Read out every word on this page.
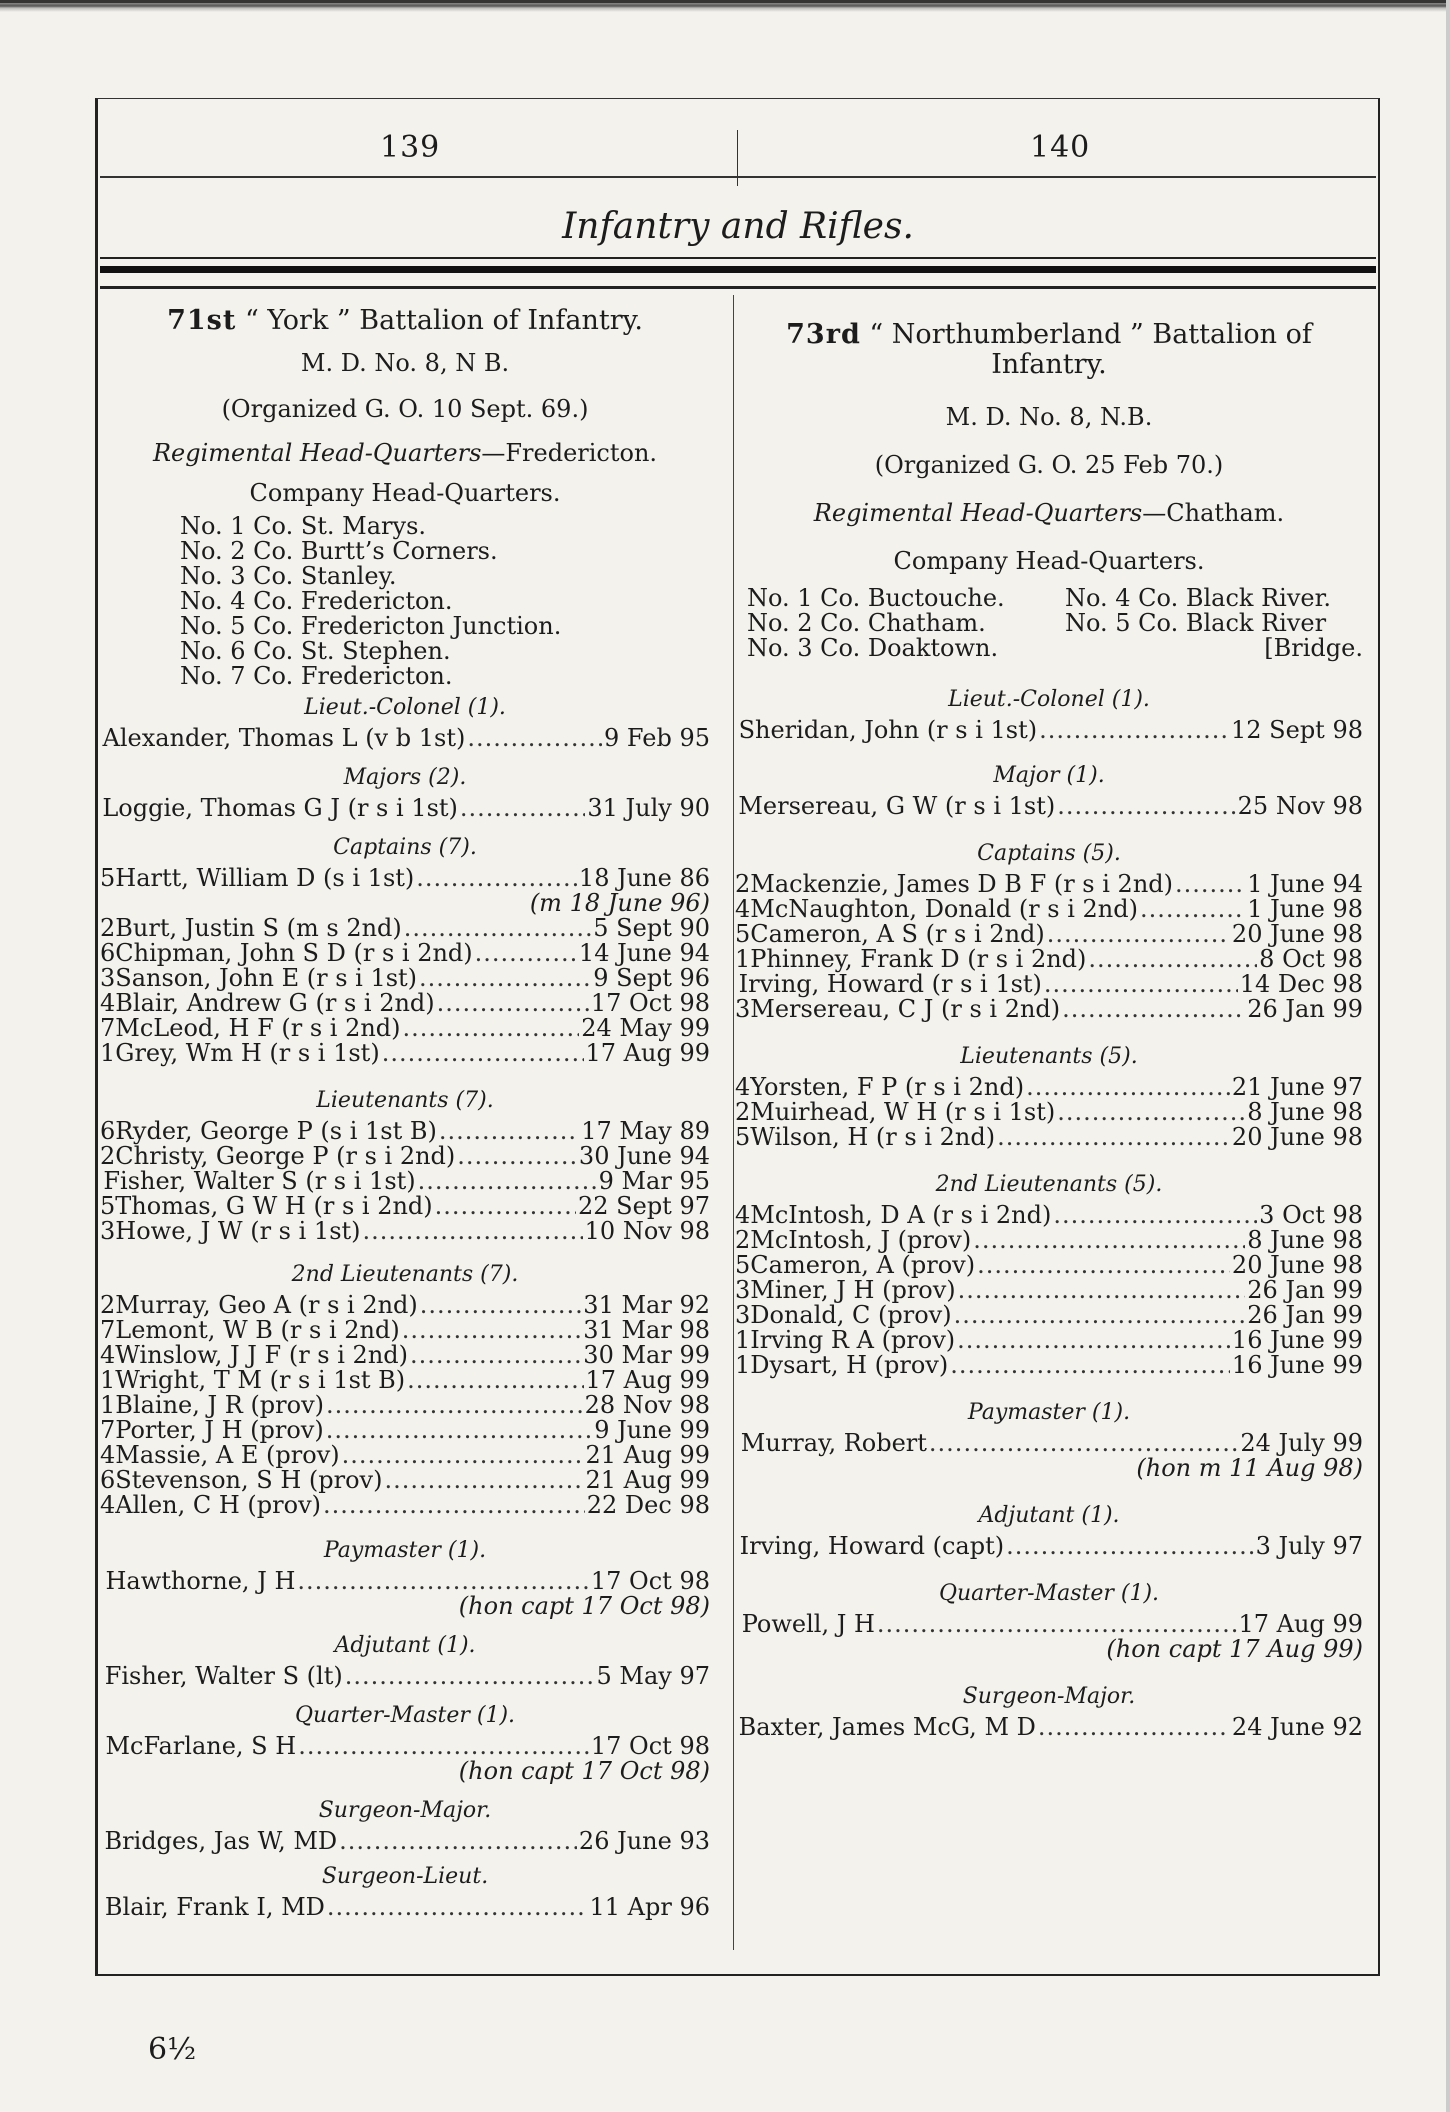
139	140
Infantry and Rifles.
71st “ York ” Battalion of Infantry.
M. D. No. 8, N B.
(Organized G. O. 10 Sept. 69.)
Regimental Head-Quarters—Fredericton.
Company Head-Quarters.
No. 1 Co. St. Marys.
No. 2 Co. Burtt’s Corners.
No. 3 Co. Stanley.
No. 4 Co. Fredericton.
No. 5 Co. Fredericton Junction.
No. 6 Co. St. Stephen.
No. 7 Co. Fredericton.
Lieut.-Colonel (1).
Alexander, Thomas L (v b 1st) .....	9 Feb 95
Majors (2).
Loggie, Thomas G J (r s i 1st) .....	31 July 90
Captains (7).
5 Hartt, William D (s i 1st) .....	18 June 86
(m 18 June 96)
2 Burt, Justin S (m s 2nd) .....	5 Sept 90
6 Chipman, John S D (r s i 2nd) .....	14 June 94
3 Sanson, John E (r s i 1st) .....	9 Sept 96
4 Blair, Andrew G (r s i 2nd) .....	17 Oct 98
7 McLeod, H F (r s i 2nd) .....	24 May 99
1 Grey, Wm H (r s i 1st) .....	17 Aug 99
Lieutenants (7).
6 Ryder, George P (s i 1st B) .....	17 May 89
2 Christy, George P (r s i 2nd) .....	30 June 94
Fisher, Walter S (r s i 1st) .....	9 Mar 95
5 Thomas, G W H (r s i 2nd) .....	22 Sept 97
3 Howe, J W (r s i 1st) .....	10 Nov 98
2nd Lieutenants (7).
2 Murray, Geo A (r s i 2nd) .....	31 Mar 92
7 Lemont, W B (r s i 2nd) .....	31 Mar 98
4 Winslow, J J F (r s i 2nd) .....	30 Mar 99
1 Wright, T M (r s i 1st B) .....	17 Aug 99
1 Blaine, J R (prov) .....	28 Nov 98
7 Porter, J H (prov) .....	9 June 99
4 Massie, A E (prov) .....	21 Aug 99
6 Stevenson, S H (prov) .....	21 Aug 99
4 Allen, C H (prov) .....	22 Dec 98
Paymaster (1).
Hawthorne, J H .....	17 Oct 98
(hon capt 17 Oct 98)
Adjutant (1).
Fisher, Walter S (lt) .....	5 May 97
Quarter-Master (1).
McFarlane, S H .....	17 Oct 98
(hon capt 17 Oct 98)
Surgeon-Major.
Bridges, Jas W, MD .....	26 June 93
Surgeon-Lieut.
Blair, Frank I, MD .....	11 Apr 96
73rd “ Northumberland ” Battalion of Infantry.
M. D. No. 8, N.B.
(Organized G. O. 25 Feb 70.)
Regimental Head-Quarters—Chatham.
Company Head-Quarters.
No. 1 Co. Buctouche.	No. 4 Co. Black River.
No. 2 Co. Chatham.	No. 5 Co. Black River
No. 3 Co. Doaktown.	[Bridge.
Lieut.-Colonel (1).
Sheridan, John (r s i 1st) .....	12 Sept 98
Major (1).
Mersereau, G W (r s i 1st) .....	25 Nov 98
Captains (5).
2 Mackenzie, James D B F (r s i 2nd) .....	1 June 94
4 McNaughton, Donald (r s i 2nd) .....	1 June 98
5 Cameron, A S (r s i 2nd) .....	20 June 98
1 Phinney, Frank D (r s i 2nd) .....	8 Oct 98
Irving, Howard (r s i 1st) .....	14 Dec 98
3 Mersereau, C J (r s i 2nd) .....	26 Jan 99
Lieutenants (5).
4 Yorsten, F P (r s i 2nd) .....	21 June 97
2 Muirhead, W H (r s i 1st) .....	8 June 98
5 Wilson, H (r s i 2nd) .....	20 June 98
2nd Lieutenants (5).
4 McIntosh, D A (r s i 2nd) .....	3 Oct 98
2 McIntosh, J (prov) .....	8 June 98
5 Cameron, A (prov) .....	20 June 98
3 Miner, J H (prov) .....	26 Jan 99
3 Donald, C (prov) .....	26 Jan 99
1 Irving R A (prov) .....	16 June 99
1 Dysart, H (prov) .....	16 June 99
Paymaster (1).
Murray, Robert .....	24 July 99
(hon m 11 Aug 98)
Adjutant (1).
Irving, Howard (capt) .....	3 July 97
Quarter-Master (1).
Powell, J H .....	17 Aug 99
(hon capt 17 Aug 99)
Surgeon-Major.
Baxter, James McG, M D .....	24 June 92
6½
